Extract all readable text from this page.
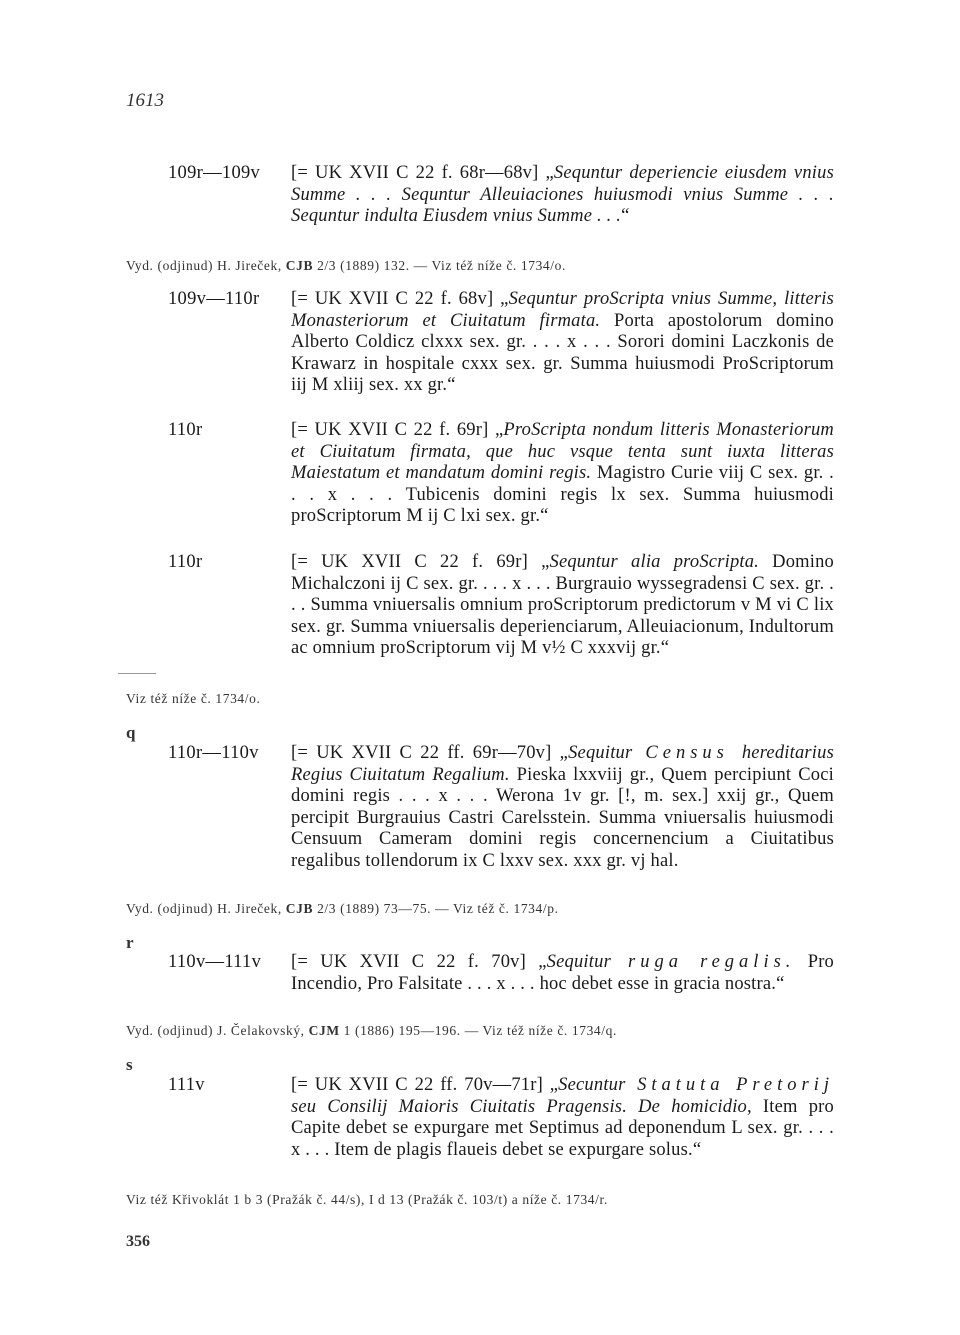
1613
109r—109v [= UK XVII C 22 f. 68r—68v] „Sequntur deperiencie eiusdem vnius Summe . . . Sequntur Alleuiaciones huiusmodi vnius Summe . . . Sequntur indulta Eiusdem vnius Summe . . .“
Vyd. (odjinud) H. Jireček, CJB 2/3 (1889) 132. — Viz též níže č. 1734/o.
109v—110r [= UK XVII C 22 f. 68v] „Sequntur proScripta vnius Summe, litteris Monasteriorum et Ciuitatum firmata. Porta apostolorum domino Alberto Coldicz clxxx sex. gr. . . . x . . . Sorori domini Laczkonis de Krawarz in hospitale cxxx sex. gr. Summa huiusmodi ProScriptorum iij M xliij sex. xx gr.“
110r	[= UK XVII C 22 f. 69r] „ProScripta nondum litteris Monasteriorum et Ciuitatum firmata, que huc vsque tenta sunt iuxta litteras Maiestatum et mandatum domini regis. Magistro Curie viij C sex. gr. . . . x . . . Tubicenis domini regis lx sex. Summa huiusmodi proScriptorum M ij C lxi sex. gr.“
110r	[= UK XVII C 22 f. 69r] „Sequntur alia proScripta. Domino Michalczoni ij C sex. gr. . . . x . . . Burgrauio wyssegradensi C sex. gr. . . . Summa vniuersalis omnium proScriptorum predictorum v M vi C lix sex. gr. Summa vniuersalis deperienciarum, Alleuiacionum, Indultorum ac omnium proScriptorum vij M v½ C xxxvij gr.“
Viz též níže č. 1734/o.
q
110r—110v [= UK XVII C 22 ff. 69r—70v] „Sequitur Census hereditarius Regius Ciuitatum Regalium. Pieska lxxviij gr., Quem percipiunt Coci domini regis . . . x . . . Werona 1v gr. [!, m. sex.] xxij gr., Quem percipit Burgrauius Castri Carelsstein. Summa vniuersalis huiusmodi Censuum Cameram domini regis concernencium a Ciuitatibus regalibus tollendorum ix C lxxv sex. xxx gr. vj hal.
Vyd. (odjinud) H. Jireček, CJB 2/3 (1889) 73—75. — Viz též č. 1734/p.
r
110v—111v [= UK XVII C 22 f. 70v] „Sequitur ruga regalis. Pro Incendio, Pro Falsitate . . . x . . . hoc debet esse in gracia nostra.“
Vyd. (odjinud) J. Čelakovský, CJM 1 (1886) 195—196. — Viz též níže č. 1734/q.
s
111v	[= UK XVII C 22 ff. 70v—71r] „Secuntur Statuta Pretorij seu Consilij Maioris Ciuitatis Pragensis. De homicidio, Item pro Capite debet se expurgare met Septimus ad deponendum L sex. gr. . . . x . . . Item de plagis flaueis debet se expurgare solus.“
Viz též Křivoklát 1 b 3 (Pražák č. 44/s), I d 13 (Pražák č. 103/t) a níže č. 1734/r.
356
